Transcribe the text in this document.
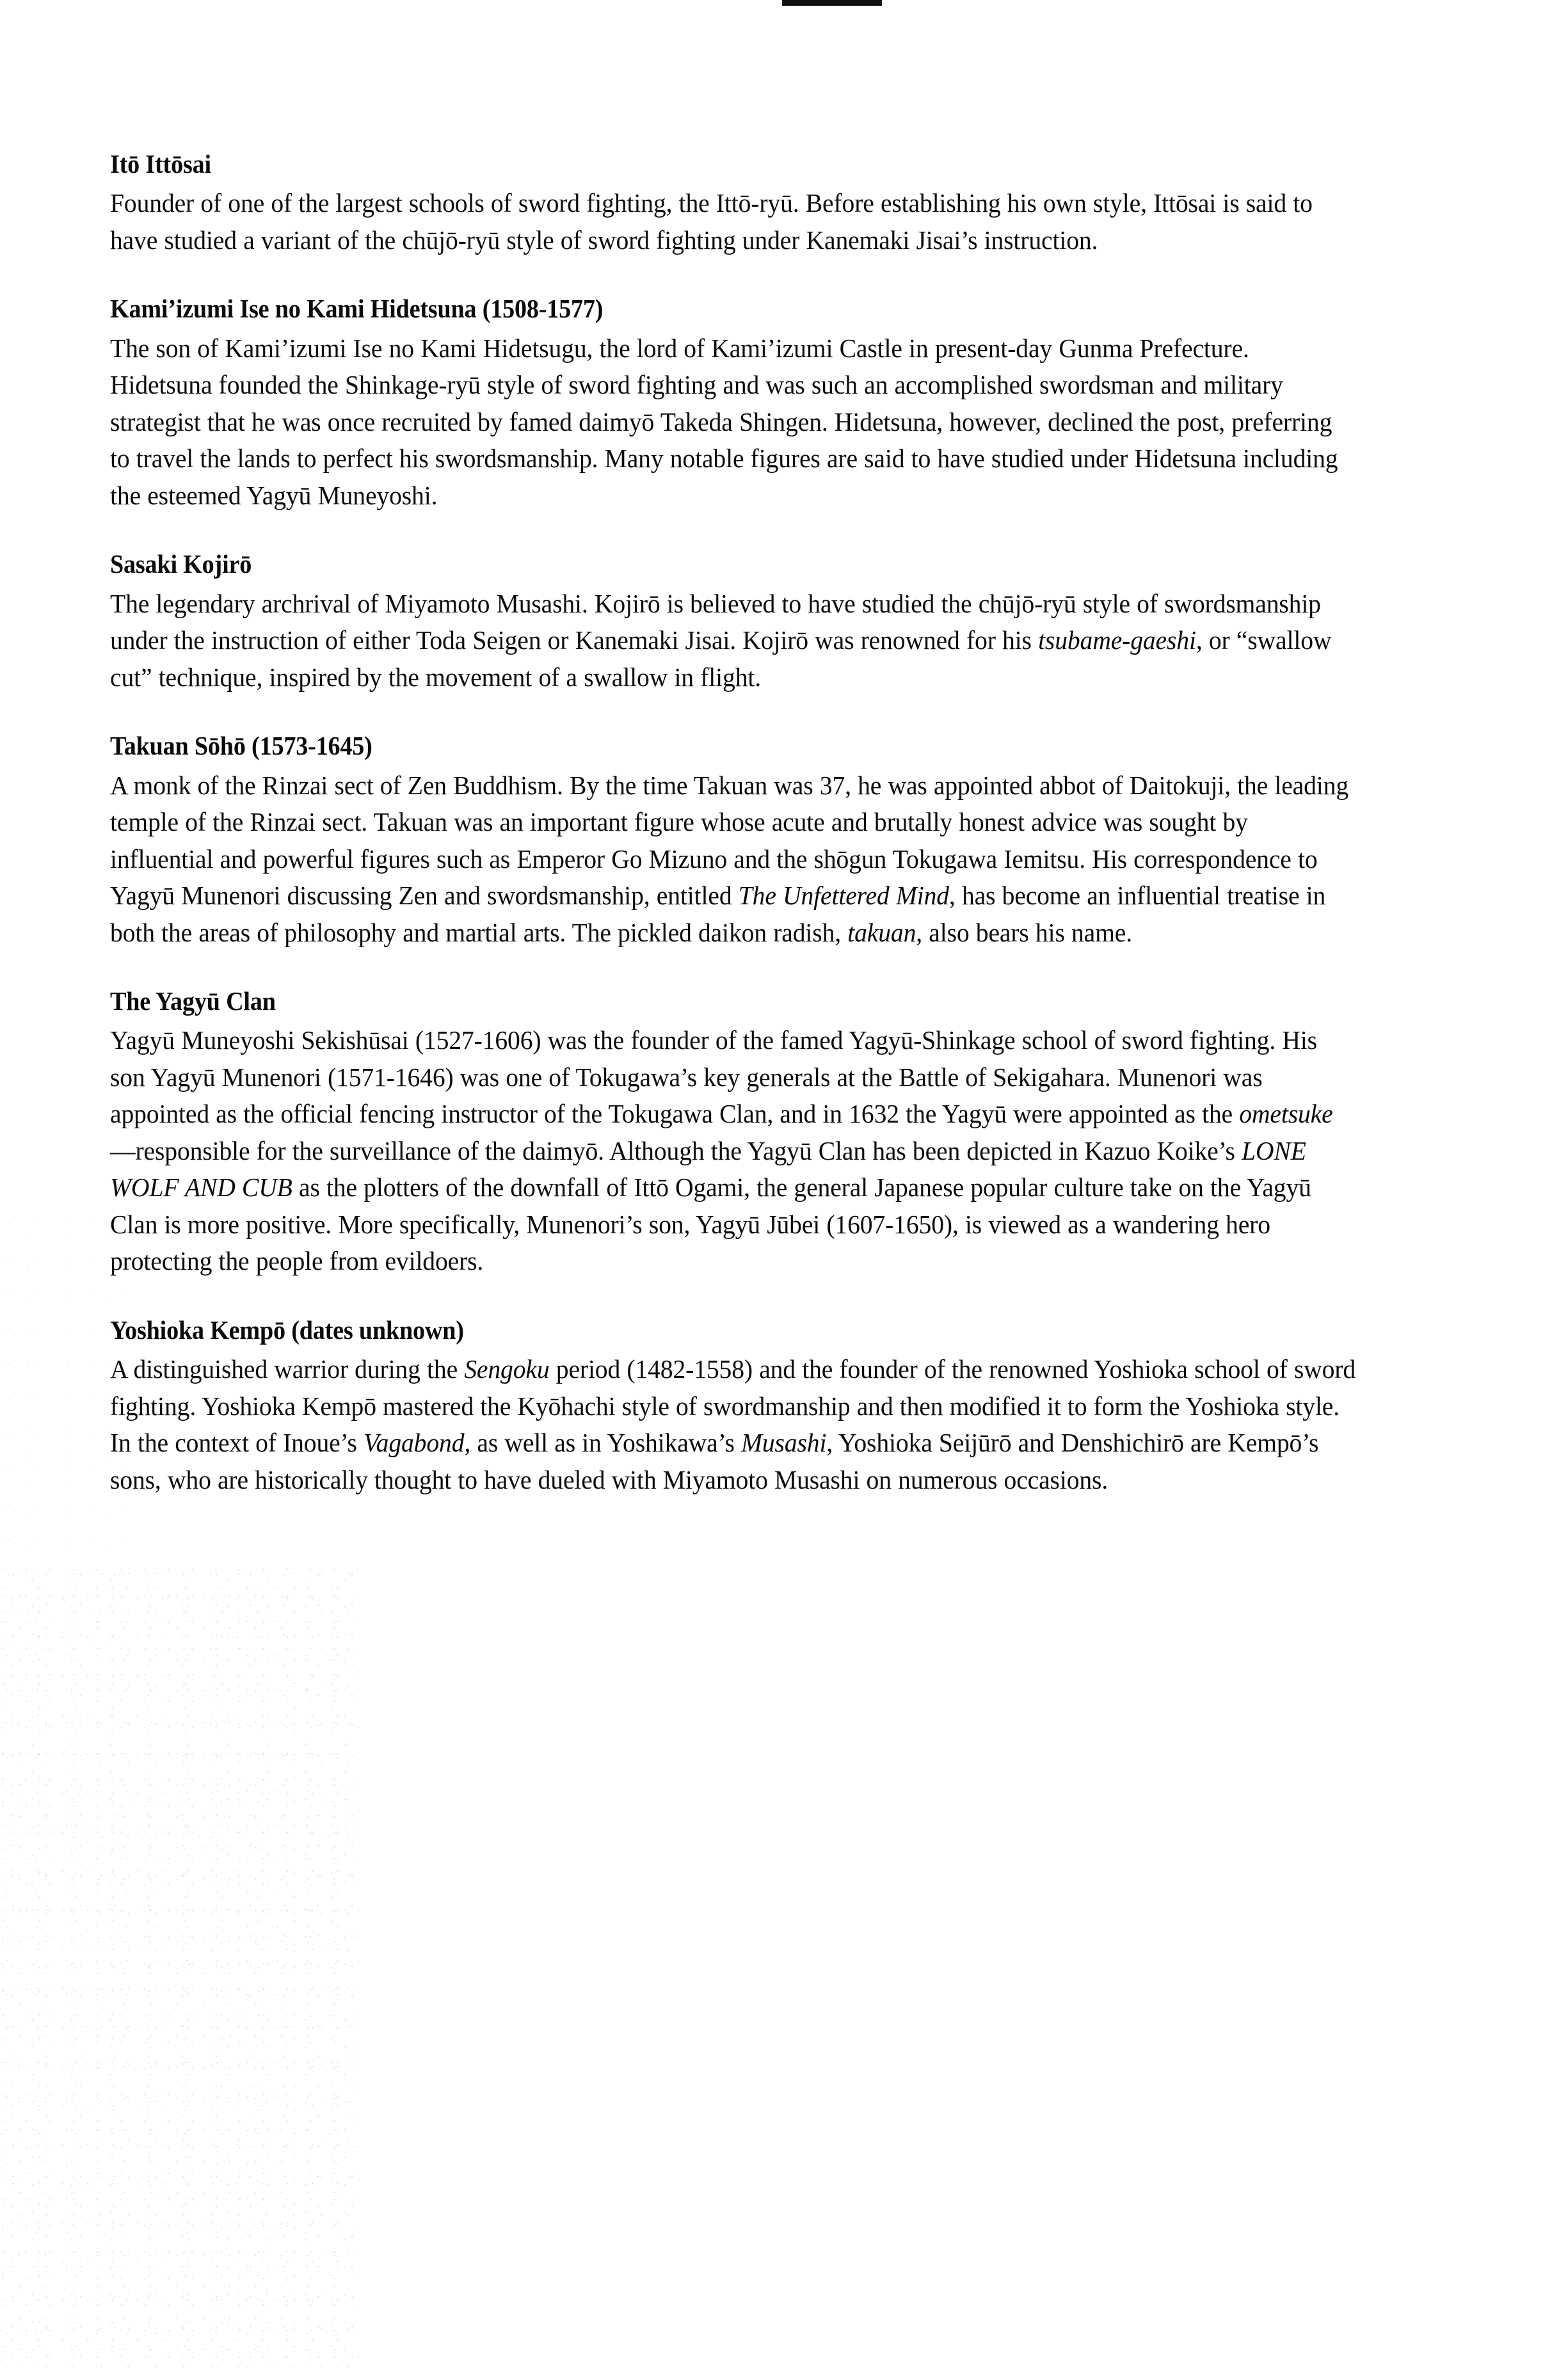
Itō Ittōsai

Founder of one of the largest schools of sword fighting, the Ittō-ryū. Before establishing his own style, Ittōsai is said to have studied a variant of the chūjō-ryū style of sword fighting under Kanemaki Jisai’s instruction.

Kami’izumi Ise no Kami Hidetsuna (1508-1577)

The son of Kami’izumi Ise no Kami Hidetsugu, the lord of Kami’izumi Castle in present-day Gunma Prefecture. Hidetsuna founded the Shinkage-ryū style of sword fighting and was such an accomplished swordsman and military strategist that he was once recruited by famed daimyō Takeda Shingen. Hidetsuna, however, declined the post, preferring to travel the lands to perfect his swordsmanship. Many notable figures are said to have studied under Hidetsuna including the esteemed Yagyū Muneyoshi.

Sasaki Kojirō

The legendary archrival of Miyamoto Musashi. Kojirō is believed to have studied the chūjō-ryū style of swordsmanship under the instruction of either Toda Seigen or Kanemaki Jisai. Kojirō was renowned for his tsubame-gaeshi, or “swallow cut” technique, inspired by the movement of a swallow in flight.

Takuan Sōhō (1573-1645)

A monk of the Rinzai sect of Zen Buddhism. By the time Takuan was 37, he was appointed abbot of Daitokuji, the leading temple of the Rinzai sect. Takuan was an important figure whose acute and brutally honest advice was sought by influential and powerful figures such as Emperor Go Mizuno and the shōgun Tokugawa Iemitsu. His correspondence to Yagyū Munenori discussing Zen and swordsmanship, entitled The Unfettered Mind, has become an influential treatise in both the areas of philosophy and martial arts. The pickled daikon radish, takuan, also bears his name.

The Yagyū Clan

Yagyū Muneyoshi Sekishūsai (1527-1606) was the founder of the famed Yagyū-Shinkage school of sword fighting. His son Yagyū Munenori (1571-1646) was one of Tokugawa’s key generals at the Battle of Sekigahara. Munenori was appointed as the official fencing instructor of the Tokugawa Clan, and in 1632 the Yagyū were appointed as the ometsuke—responsible for the surveillance of the daimyō. Although the Yagyū Clan has been depicted in Kazuo Koike’s LONE WOLF AND CUB as the plotters of the downfall of Ittō Ogami, the general Japanese popular culture take on the Yagyū Clan is more positive. More specifically, Munenori’s son, Yagyū Jūbei (1607-1650), is viewed as a wandering hero protecting the people from evildoers.

Yoshioka Kempō (dates unknown)

A distinguished warrior during the Sengoku period (1482-1558) and the founder of the renowned Yoshioka school of sword fighting. Yoshioka Kempō mastered the Kyōhachi style of swordmanship and then modified it to form the Yoshioka style. In the context of Inoue’s Vagabond, as well as in Yoshikawa’s Musashi, Yoshioka Seijūrō and Denshichirō are Kempō’s sons, who are historically thought to have dueled with Miyamoto Musashi on numerous occasions.
